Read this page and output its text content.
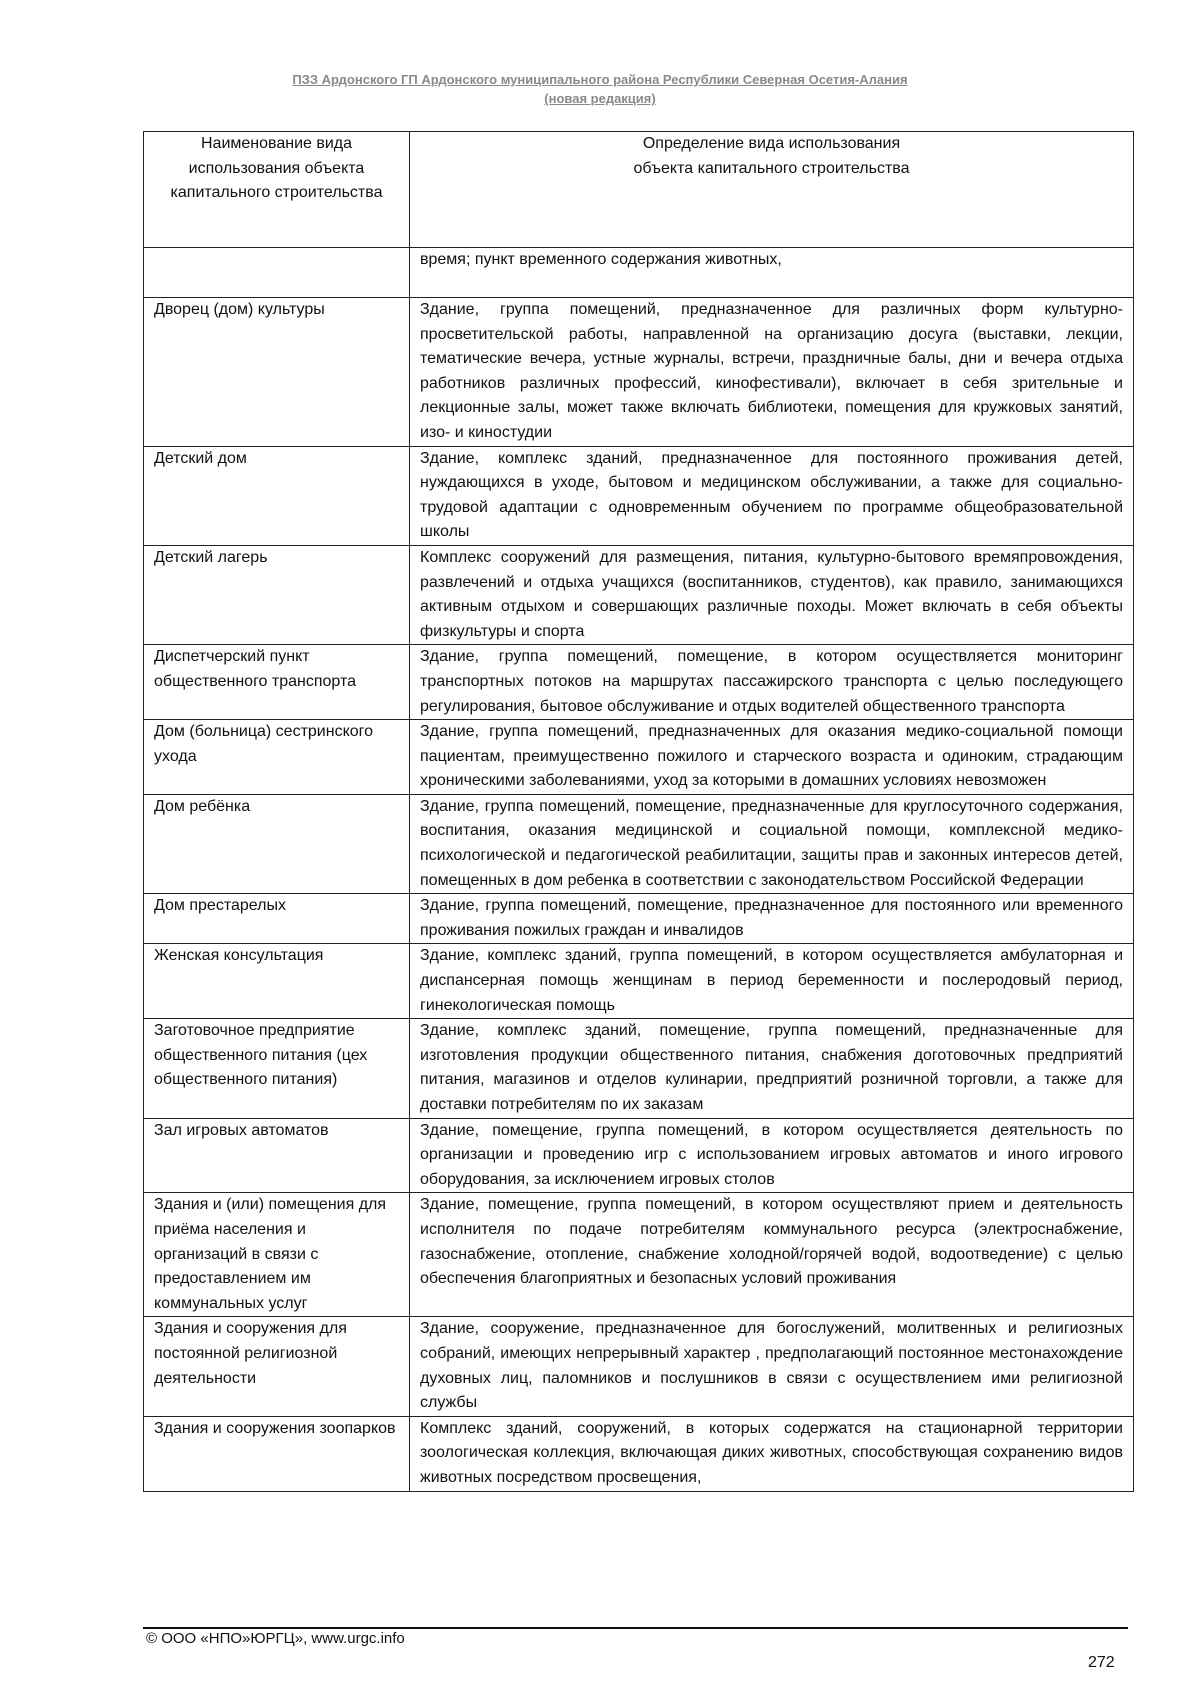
ПЗЗ Ардонского ГП Ардонского муниципального района Республики Северная Осетия-Алания
(новая редакция)
Наименование вида использования объекта капитального строительства	Определение вида использования
объекта капитального строительства

	время; пункт временного содержания животных,
Дворец (дом) культуры	Здание, группа помещений, предназначенное для различных форм культурно-просветительской работы, направленной на организацию досуга (выставки, лекции, тематические вечера, устные журналы, встречи, праздничные балы, дни и вечера отдыха работников различных профессий, кинофестивали), включает в себя зрительные и лекционные залы, может также включать библиотеки, помещения для кружковых занятий, изо- и киностудии
Детский дом	Здание, комплекс зданий, предназначенное для постоянного проживания детей, нуждающихся в уходе, бытовом и медицинском обслуживании, а также для социально-трудовой адаптации с одновременным обучением по программе общеобразовательной школы
Детский лагерь	Комплекс сооружений для размещения, питания, культурно-бытового времяпровождения, развлечений и отдыха учащихся (воспитанников, студентов), как правило, занимающихся активным отдыхом и совершающих различные походы. Может включать в себя объекты физкультуры и спорта
Диспетчерский пункт общественного транспорта	Здание, группа помещений, помещение, в котором осуществляется мониторинг транспортных потоков на маршрутах пассажирского транспорта с целью последующего регулирования, бытовое обслуживание и отдых водителей общественного транспорта
Дом (больница) сестринского ухода	Здание, группа помещений, предназначенных для оказания медико-социальной помощи пациентам, преимущественно пожилого и старческого возраста и одиноким, страдающим хроническими заболеваниями, уход за которыми в домашних условиях невозможен
Дом ребёнка	Здание, группа помещений, помещение, предназначенные для круглосуточного содержания, воспитания, оказания медицинской и социальной помощи, комплексной медико-психологической и педагогической реабилитации, защиты прав и законных интересов детей, помещенных в дом ребенка в соответствии с законодательством Российской Федерации
Дом престарелых	Здание, группа помещений, помещение, предназначенное для постоянного или временного проживания пожилых граждан и инвалидов
Женская консультация	Здание, комплекс зданий, группа помещений, в котором осуществляется амбулаторная и диспансерная помощь женщинам в период беременности и послеродовый период, гинекологическая помощь
Заготовочное предприятие общественного питания (цех общественного питания)	Здание, комплекс зданий, помещение, группа помещений, предназначенные для изготовления продукции общественного питания, снабжения доготовочных предприятий питания, магазинов и отделов кулинарии, предприятий розничной торговли, а также для доставки потребителям по их заказам
Зал игровых автоматов	Здание, помещение, группа помещений, в котором осуществляется деятельность по организации и проведению игр с использованием игровых автоматов и иного игрового оборудования, за исключением игровых столов
Здания и (или) помещения для приёма населения и организаций в связи с предоставлением им коммунальных услуг	Здание, помещение, группа помещений, в котором осуществляют прием и деятельность исполнителя по подаче потребителям коммунального ресурса (электроснабжение, газоснабжение, отопление, снабжение холодной/горячей водой, водоотведение) с целью обеспечения благоприятных и безопасных условий проживания
Здания и сооружения для постоянной религиозной деятельности	Здание, сооружение, предназначенное для богослужений, молитвенных и религиозных собраний, имеющих непрерывный характер , предполагающий постоянное местонахождение духовных лиц, паломников и послушников в связи с осуществлением ими религиозной службы
Здания и сооружения зоопарков	Комплекс зданий, сооружений, в которых содержатся на стационарной территории зоологическая коллекция, включающая диких животных, способствующая сохранению видов животных посредством просвещения,
© ООО «НПО»ЮРГЦ», www.urgc.info
272
